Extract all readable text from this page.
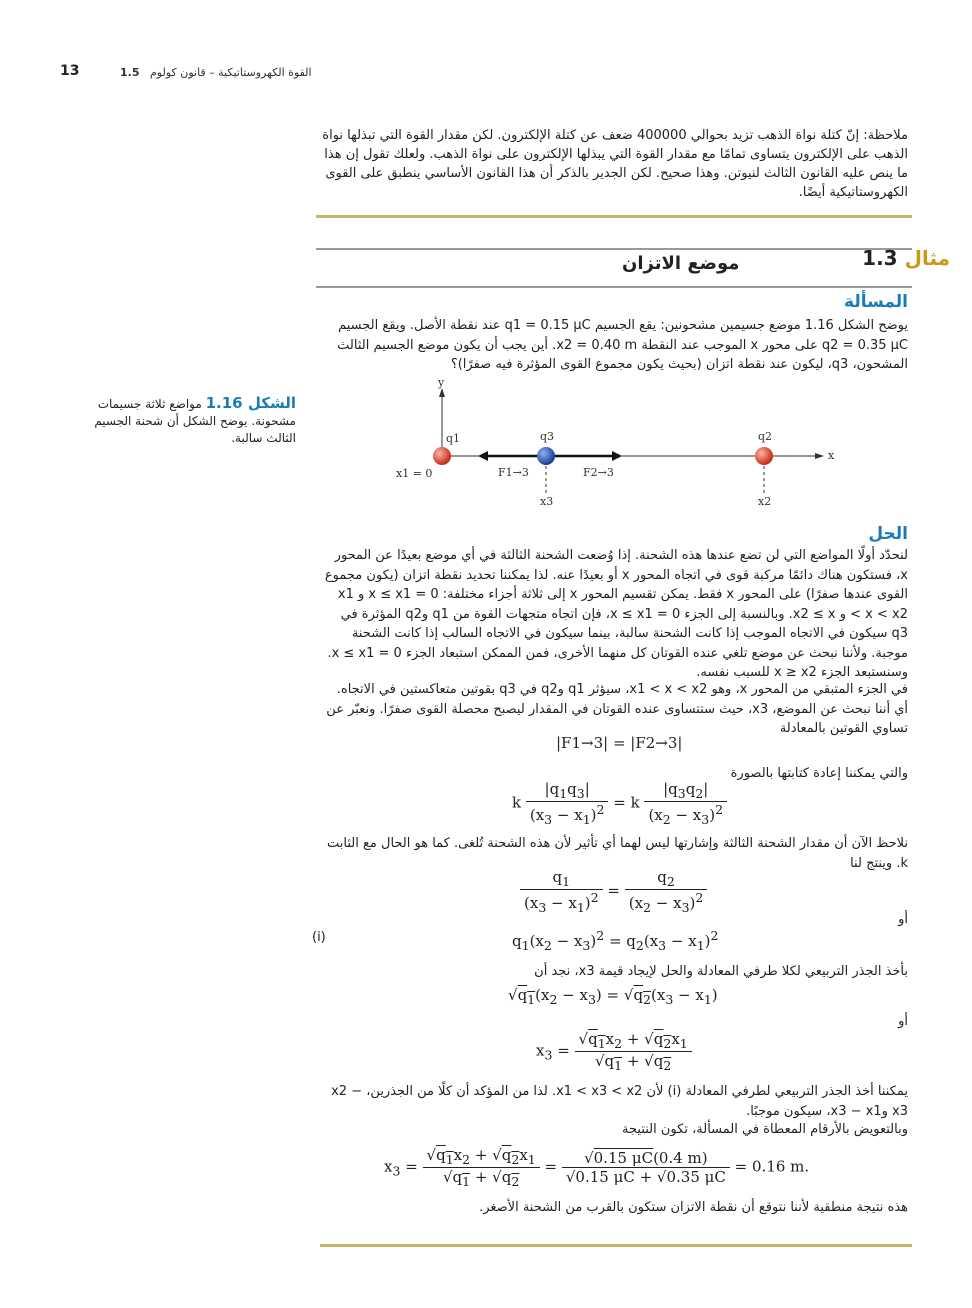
13	القوة الكهروستاتيكية – قانون كولوم   1.5
ملاحظة: إنّ كتلة نواة الذهب تزيد بحوالي 400000 ضعف عن كتلة الإلكترون. لكن مقدار القوة التي تبذلها نواة الذهب على الإلكترون يتساوى تمامًا مع مقدار القوة التي يبذلها الإلكترون على نواة الذهب. ولعلك تقول إن هذا ما ينص عليه القانون الثالث لنيوتن. وهذا صحيح. لكن الجدير بالذكر أن هذا القانون الأساسي ينطبق على القوى الكهروستاتيكية أيضًا.
مثال 1.3
موضع الاتزان
المسألة
يوضح الشكل 1.16 موضع جسيمين مشحونين: يقع الجسيم q1 = 0.15 μC عند نقطة الأصل. ويقع الجسيم q2 = 0.35 μC على محور x الموجب عند النقطة x2 = 0.40 m. أين يجب أن يكون موضع الجسيم الثالث المشحون، q3، ليكون عند نقطة اتزان (بحيث يكون مجموع القوى المؤثرة فيه صفرًا)؟
الشكل 1.16 مواضع ثلاثة جسيمات مشحونة. يوضح الشكل أن شحنة الجسيم الثالث سالبة.
y
x
q1	q3	q2
x1 = 0
x3	x2
F1→3	F2→3
الحل
لنحدّد أولًا المواضع التي لن تضع عندها هذه الشحنة. إذا وُضعت الشحنة الثالثة في أي موضع بعيدًا عن المحور x، فستكون هناك دائمًا مركبة قوى في اتجاه المحور x أو بعيدًا عنه. لذا يمكننا تحديد نقطة اتزان (يكون مجموع القوى عندها صفرًا) على المحور x فقط. يمكن تقسيم المحور x إلى ثلاثة أجزاء مختلفة: x ≤ x1 = 0 و x1 < x < x2 و x2 ≤ x. وبالنسبة إلى الجزء x ≤ x1 = 0، فإن اتجاه متجهات القوة من q1 وq2 المؤثرة في q3 سيكون في الاتجاه الموجب إذا كانت الشحنة سالبة، بينما سيكون في الاتجاه السالب إذا كانت الشحنة موجبة. ولأننا نبحث عن موضع تلغي عنده القوتان كل منهما الأخرى، فمن الممكن استبعاد الجزء x ≤ x1 = 0. وسنستبعد الجزء x ≥ x2 للسبب نفسه.
في الجزء المتبقي من المحور x، وهو x1 < x < x2، سيؤثر q1 وq2 في q3 بقوتين متعاكستين في الاتجاه. أي أننا نبحث عن الموضع، x3، حيث ستتساوى عنده القوتان في المقدار ليصبح محصلة القوى صفرًا. ونعبّر عن تساوي القوتين بالمعادلة
|F1→3| = |F2→3|
والتي يمكننا إعادة كتابتها بالصورة
k $\frac{|q_1q_3|}{(x_3 - x_1)^2} = k \frac{|q_3q_2|}{(x_2 - x_3)^2}$
نلاحظ الآن أن مقدار الشحنة الثالثة وإشارتها ليس لهما أي تأثير لأن هذه الشحنة تُلغى. كما هو الحال مع الثابت k. وينتج لنا
$\frac{q_1}{(x_3 - x_1)^2} = \frac{q_2}{(x_2 - x_3)^2}$
أو
(i)	$q_1(x_2 - x_3)^2 = q_2(x_3 - x_1)^2$
بأخذ الجذر التربيعي لكلا طرفي المعادلة والحل لإيجاد قيمة x3، نجد أن
$√q_1(x_2 - x_3) = √q_2(x_3 - x_1)$
أو
$x_3 = \frac{√q_1x_2 + √q_2x_1}{√q_1 + √q_2}$
يمكننا أخذ الجذر التربيعي لطرفي المعادلة (i) لأن x1 < x3 < x2. لذا من المؤكد أن كلًا من الجذرين، x2 − x3 وx3 − x1، سيكون موجبًا.
وبالتعويض بالأرقام المعطاة في المسألة، تكون النتيجة
$x_3 = \frac{√q_1x_2 + √q_2x_1}{√q_1 + √q_2} = \frac{√0.15 \mu C(0.4 m)}{√0.15 \mu C + √0.35 \mu C} = 0.16$ m.
هذه نتيجة منطقية لأننا نتوقع أن نقطة الاتزان ستكون بالقرب من الشحنة الأصغر.
